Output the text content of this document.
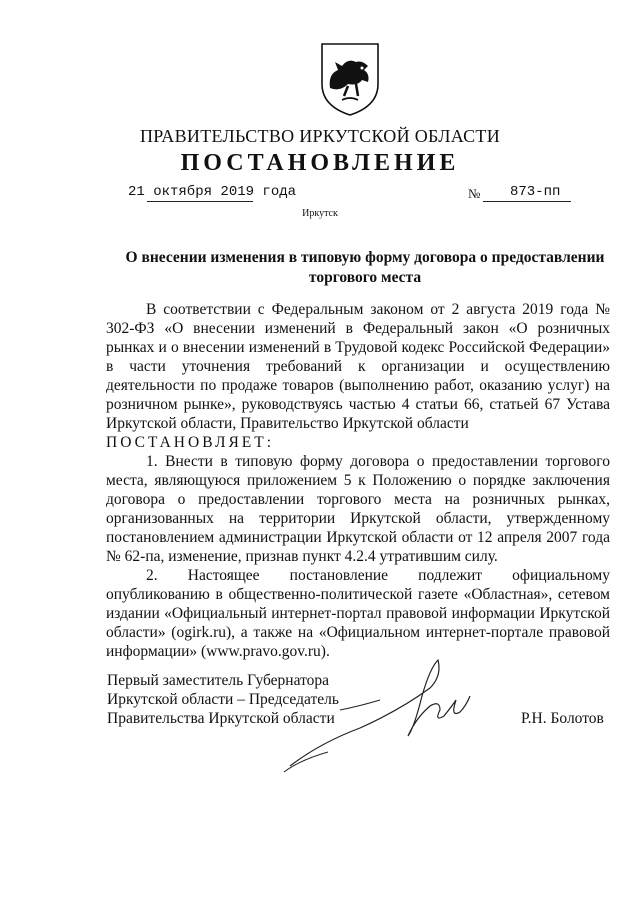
ПРАВИТЕЛЬСТВО ИРКУТСКОЙ ОБЛАСТИ
ПОСТАНОВЛЕНИЕ
21 октября 2019 года	№ 873-пп
Иркутск
О внесении изменения в типовую форму договора о предоставлении торгового места

В соответствии с Федеральным законом от 2 августа 2019 года № 302-ФЗ «О внесении изменений в Федеральный закон «О розничных рынках и о внесении изменений в Трудовой кодекс Российской Федерации» в части уточнения требований к организации и осуществлению деятельности по продаже товаров (выполнению работ, оказанию услуг) на розничном рынке», руководствуясь частью 4 статьи 66, статьей 67 Устава Иркутской области, Правительство Иркутской области

ПОСТАНОВЛЯЕТ:

1. Внести в типовую форму договора о предоставлении торгового места, являющуюся приложением 5 к Положению о порядке заключения договора о предоставлении торгового места на розничных рынках, организованных на территории Иркутской области, утвержденному постановлением администрации Иркутской области от 12 апреля 2007 года № 62-па, изменение, признав пункт 4.2.4 утратившим силу.

2. Настоящее постановление подлежит официальному опубликованию в общественно-политической газете «Областная», сетевом издании «Официальный интернет-портал правовой информации Иркутской области» (ogirk.ru), а также на «Официальном интернет-портале правовой информации» (www.pravo.gov.ru).

Первый заместитель Губернатора
Иркутской области – Председатель
Правительства Иркутской области	Р.Н. Болотов
